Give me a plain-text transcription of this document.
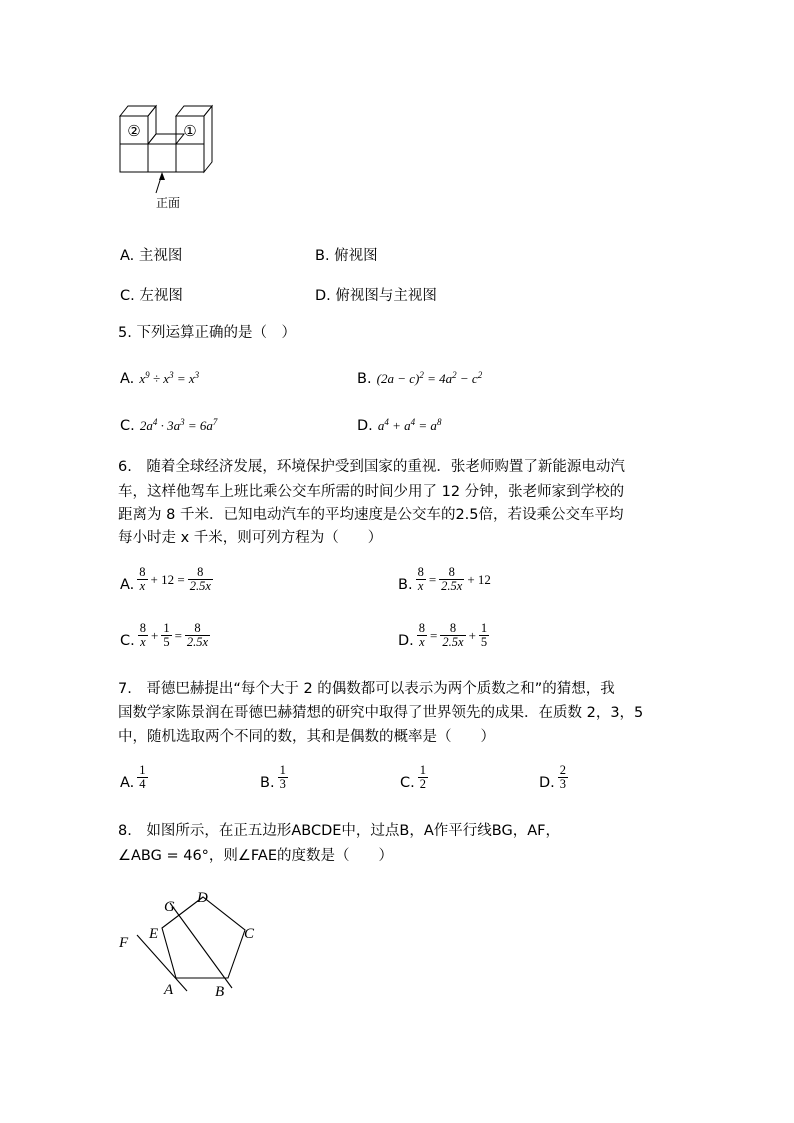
②	①
正面
A. 主视图	B. 俯视图
C. 左视图	D. 俯视图与主视图
5. 下列运算正确的是（　）
A. $x^9 \div x^3 = x^3$	B. $(2a - c)^2 = 4a^2 - c^2$
C. $2a^4 \cdot 3a^3 = 6a^7$	D. $a^4 + a^4 = a^8$
6.　随着全球经济发展，环境保护受到国家的重视．张老师购置了新能源电动汽
车，这样他驾车上班比乘公交车所需的时间少用了 12 分钟，张老师家到学校的
距离为 8 千米．已知电动汽车的平均速度是公交车的2.5倍，若设乘公交车平均
每小时走 x 千米，则可列方程为（　　）
A. $\frac{8}{x} + 12 = \frac{8}{2.5x}$	B. $\frac{8}{x} = \frac{8}{2.5x} + 12$
C. $\frac{8}{x} + \frac{1}{5} = \frac{8}{2.5x}$	D. $\frac{8}{x} = \frac{8}{2.5x} + \frac{1}{5}$
7.　哥德巴赫提出“每个大于 2 的偶数都可以表示为两个质数之和”的猜想，我
国数学家陈景润在哥德巴赫猜想的研究中取得了世界领先的成果．在质数 2，3，5
中，随机选取两个不同的数，其和是偶数的概率是（　　）
A. $\frac{1}{4}$	B. $\frac{1}{3}$	C. $\frac{1}{2}$	D. $\frac{2}{3}$
8.　如图所示，在正五边形ABCDE中，过点B，A作平行线BG，AF，
∠ABG = 46°，则∠FAE的度数是（　　）
A	B
C
D
E
F
G
